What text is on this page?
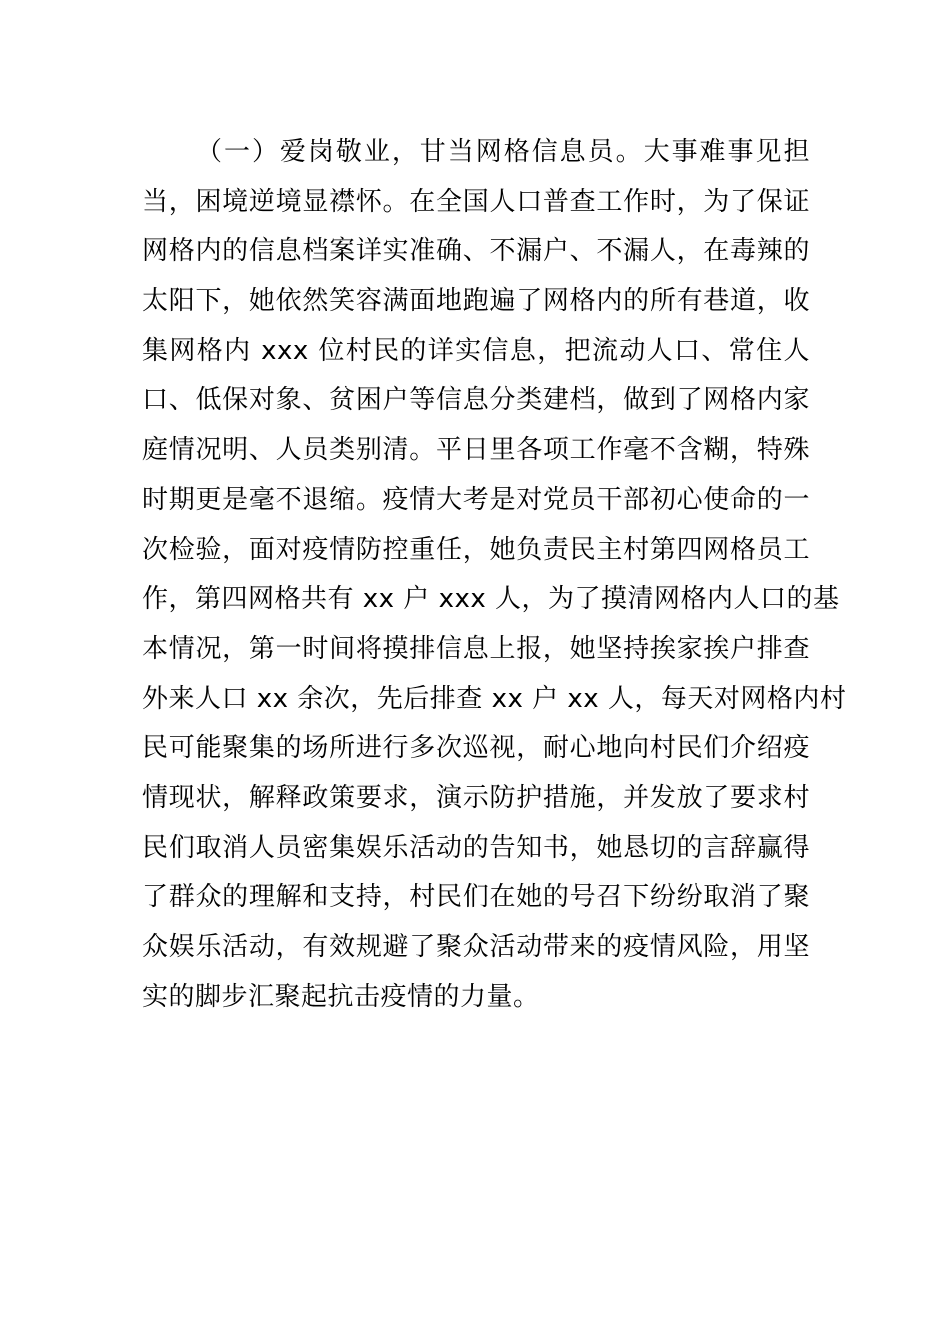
（一）爱岗敬业，甘当网格信息员。大事难事见担
当，困境逆境显襟怀。在全国人口普查工作时，为了保证
网格内的信息档案详实准确、不漏户、不漏人，在毒辣的
太阳下，她依然笑容满面地跑遍了网格内的所有巷道，收
集网格内 xxx 位村民的详实信息，把流动人口、常住人
口、低保对象、贫困户等信息分类建档，做到了网格内家
庭情况明、人员类别清。平日里各项工作毫不含糊，特殊
时期更是毫不退缩。疫情大考是对党员干部初心使命的一
次检验，面对疫情防控重任，她负责民主村第四网格员工
作，第四网格共有 xx 户 xxx 人，为了摸清网格内人口的基
本情况，第一时间将摸排信息上报，她坚持挨家挨户排查
外来人口 xx 余次，先后排查 xx 户 xx 人，每天对网格内村
民可能聚集的场所进行多次巡视，耐心地向村民们介绍疫
情现状，解释政策要求，演示防护措施，并发放了要求村
民们取消人员密集娱乐活动的告知书，她恳切的言辞赢得
了群众的理解和支持，村民们在她的号召下纷纷取消了聚
众娱乐活动，有效规避了聚众活动带来的疫情风险，用坚
实的脚步汇聚起抗击疫情的力量。
